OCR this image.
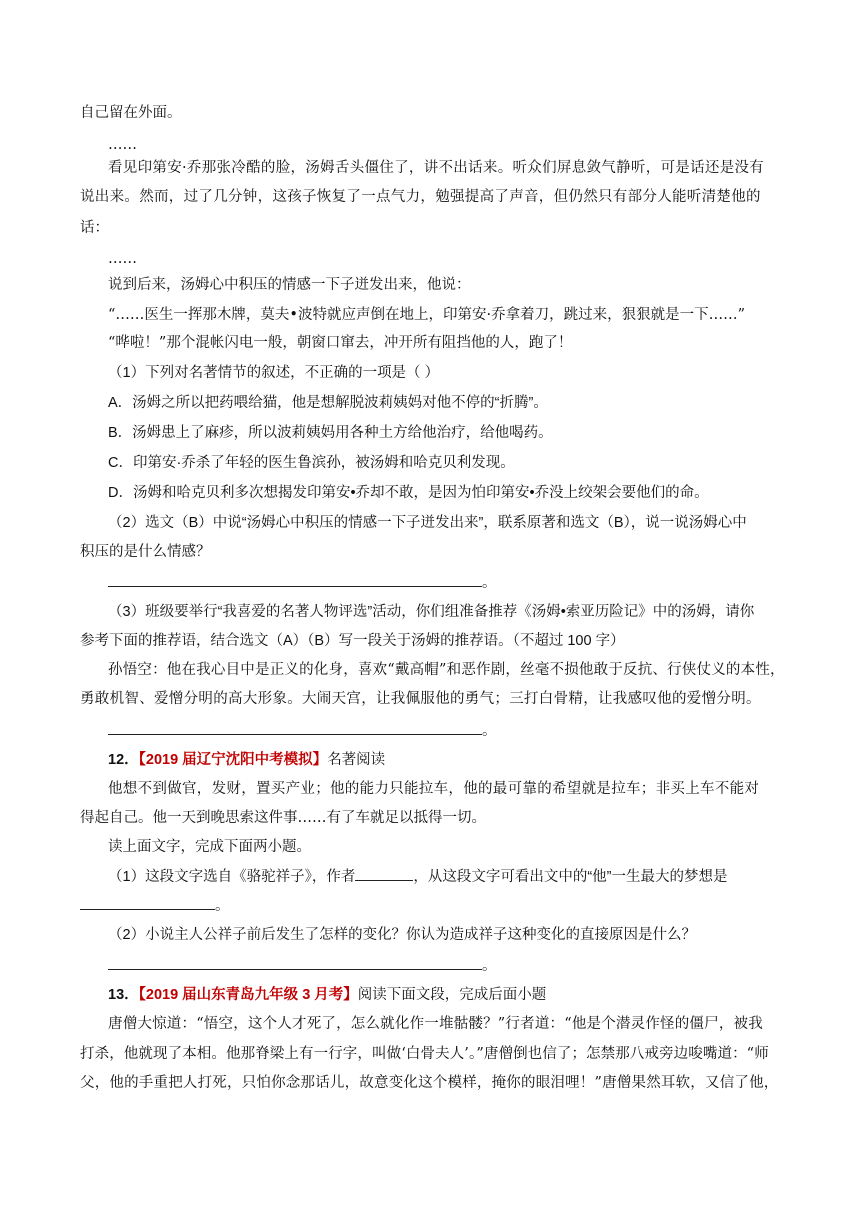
自己留在外面。
……
看见印第安·乔那张冷酷的脸，汤姆舌头僵住了，讲不出话来。听众们屏息敛气静听，可是话还是没有
说出来。然而，过了几分钟，这孩子恢复了一点气力，勉强提高了声音，但仍然只有部分人能听清楚他的
话：
……
说到后来，汤姆心中积压的情感一下子迸发出来，他说：
“……医生一挥那木牌，莫夫•波特就应声倒在地上，印第安·乔拿着刀，跳过来，狠狠就是一下……”
“哗啦！”那个混帐闪电一般，朝窗口窜去，冲开所有阻挡他的人，跑了！
（1）下列对名著情节的叙述，不正确的一项是（ ）
A．汤姆之所以把药喂给猫，他是想解脱波莉姨妈对他不停的“折腾”。
B．汤姆患上了麻疹，所以波莉姨妈用各种土方给他治疗，给他喝药。
C．印第安·乔杀了年轻的医生鲁滨孙，被汤姆和哈克贝利发现。
D．汤姆和哈克贝利多次想揭发印第安•乔却不敢，是因为怕印第安•乔没上绞架会要他们的命。
（2）选文（B）中说“汤姆心中积压的情感一下子迸发出来”，联系原著和选文（B），说一说汤姆心中
积压的是什么情感？
。
（3）班级要举行“我喜爱的名著人物评选”活动，你们组准备推荐《汤姆•索亚历险记》中的汤姆，请你
参考下面的推荐语，结合选文（A）（B）写一段关于汤姆的推荐语。（不超过 100 字）
孙悟空：他在我心目中是正义的化身，喜欢“戴高帽”和恶作剧，丝毫不损他敢于反抗、行侠仗义的本性，
勇敢机智、爱憎分明的高大形象。大闹天宫，让我佩服他的勇气；三打白骨精，让我感叹他的爱憎分明。
。
12．【2019 届辽宁沈阳中考模拟】名著阅读
他想不到做官，发财，置买产业；他的能力只能拉车，他的最可靠的希望就是拉车；非买上车不能对
得起自己。他一天到晚思索这件事……有了车就足以抵得一切。
读上面文字，完成下面两小题。
（1）这段文字选自《骆驼祥子》，作者	，从这段文字可看出文中的“他”一生最大的梦想是
。
（2）小说主人公祥子前后发生了怎样的变化？你认为造成祥子这种变化的直接原因是什么？
。
13．【2019 届山东青岛九年级 3 月考】阅读下面文段，完成后面小题
唐僧大惊道：“悟空，这个人才死了，怎么就化作一堆骷髅？”行者道：“他是个潜灵作怪的僵尸，被我
打杀，他就现了本相。他那脊梁上有一行字，叫做‘白骨夫人’。”唐僧倒也信了；怎禁那八戒旁边唆嘴道：“师
父，他的手重把人打死，只怕你念那话儿，故意变化这个模样，掩你的眼泪哩！”唐僧果然耳软，又信了他，
